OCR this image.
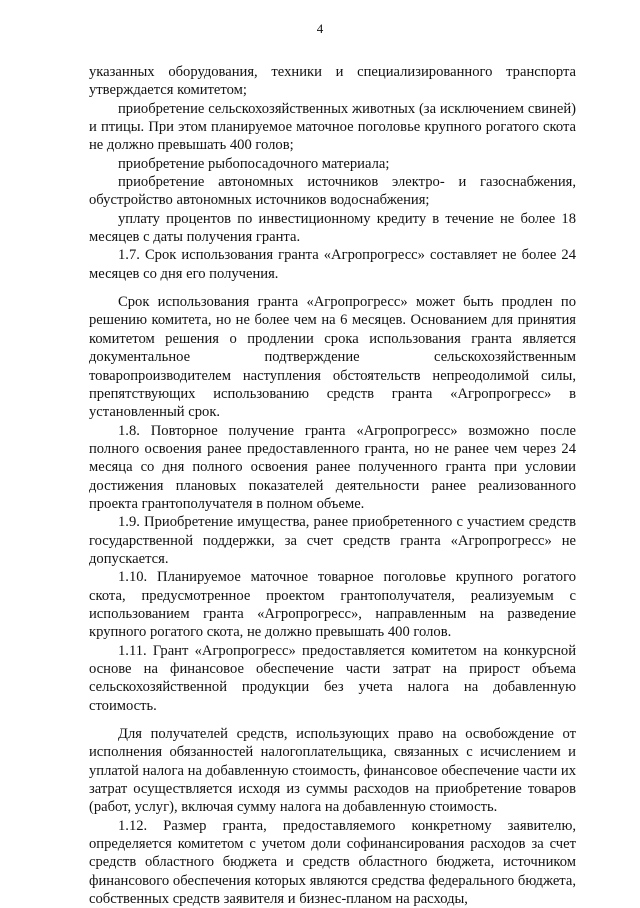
4

указанных оборудования, техники и специализированного транспорта утверждается комитетом;

приобретение сельскохозяйственных животных (за исключением свиней) и птицы. При этом планируемое маточное поголовье крупного рогатого скота не должно превышать 400 голов;

приобретение рыбопосадочного материала;

приобретение автономных источников электро- и газоснабжения, обустройство автономных источников водоснабжения;

уплату процентов по инвестиционному кредиту в течение не более 18 месяцев с даты получения гранта.

1.7. Срок использования гранта «Агропрогресс» составляет не более 24 месяцев со дня его получения.

Срок использования гранта «Агропрогресс» может быть продлен по решению комитета, но не более чем на 6 месяцев. Основанием для принятия комитетом решения о продлении срока использования гранта является документальное подтверждение сельскохозяйственным товаропроизводителем наступления обстоятельств непреодолимой силы, препятствующих использованию средств гранта «Агропрогресс» в установленный срок.

1.8. Повторное получение гранта «Агропрогресс» возможно после полного освоения ранее предоставленного гранта, но не ранее чем через 24 месяца со дня полного освоения ранее полученного гранта при условии достижения плановых показателей деятельности ранее реализованного проекта грантополучателя в полном объеме.

1.9. Приобретение имущества, ранее приобретенного с участием средств государственной поддержки, за счет средств гранта «Агропрогресс» не допускается.

1.10. Планируемое маточное товарное поголовье крупного рогатого скота, предусмотренное проектом грантополучателя, реализуемым с использованием гранта «Агропрогресс», направленным на разведение крупного рогатого скота, не должно превышать 400 голов.

1.11. Грант «Агропрогресс» предоставляется комитетом на конкурсной основе на финансовое обеспечение части затрат на прирост объема сельскохозяйственной продукции без учета налога на добавленную стоимость.

Для получателей средств, использующих право на освобождение от исполнения обязанностей налогоплательщика, связанных с исчислением и уплатой налога на добавленную стоимость, финансовое обеспечение части их затрат осуществляется исходя из суммы расходов на приобретение товаров (работ, услуг), включая сумму налога на добавленную стоимость.

1.12. Размер гранта, предоставляемого конкретному заявителю, определяется комитетом с учетом доли софинансирования расходов за счет средств областного бюджета и средств областного бюджета, источником финансового обеспечения которых являются средства федерального бюджета, собственных средств заявителя и бизнес-планом на расходы,
